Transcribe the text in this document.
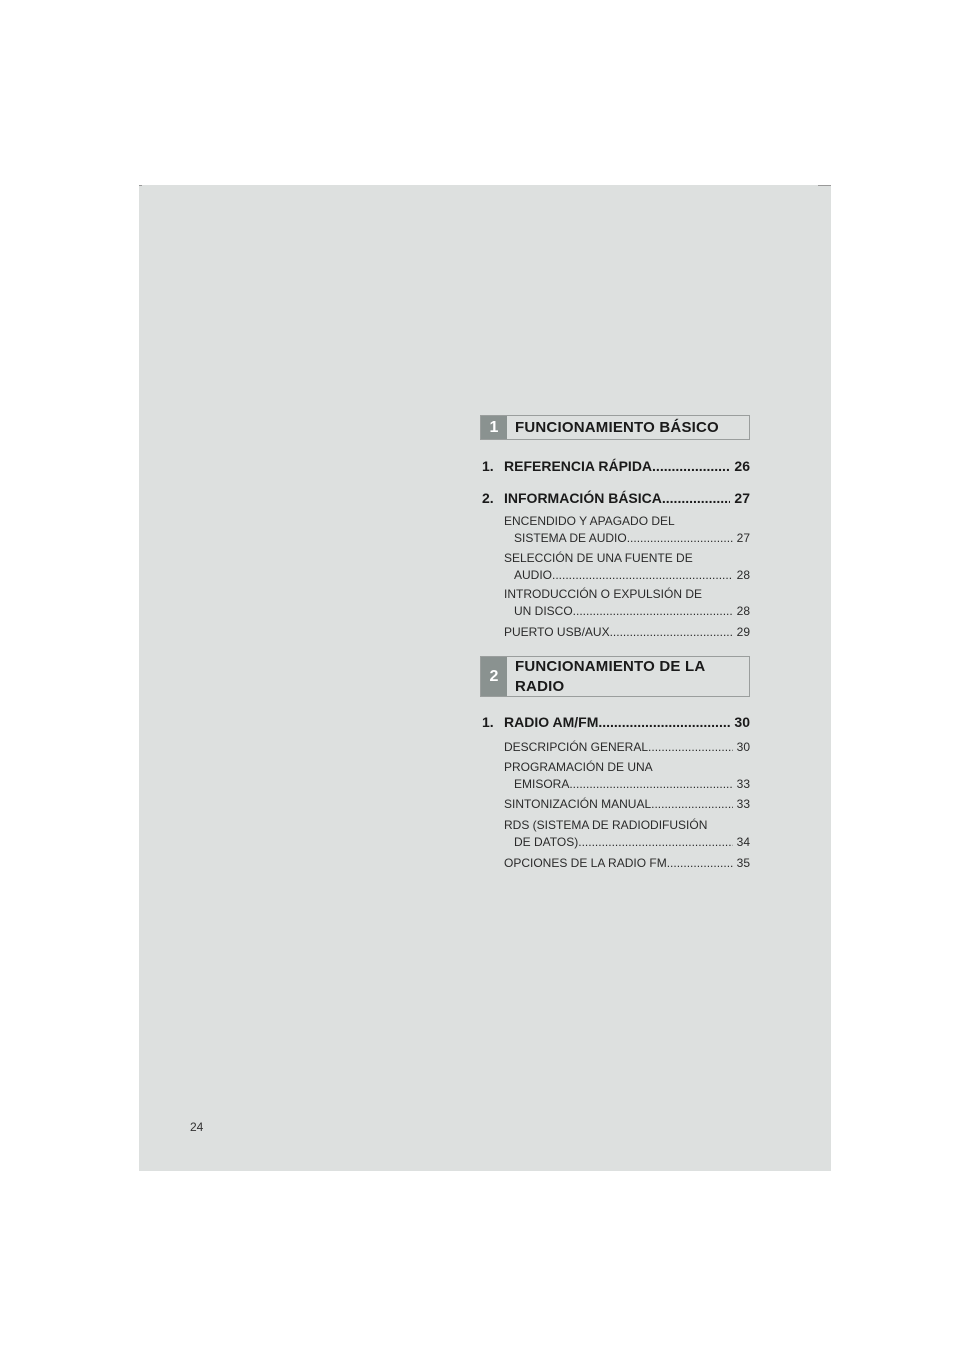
1	FUNCIONAMIENTO BÁSICO
1. REFERENCIA RÁPIDA .....	26
2. INFORMACIÓN BÁSICA .....	27
ENCENDIDO Y APAGADO DEL
SISTEMA DE AUDIO .....	27
SELECCIÓN DE UNA FUENTE DE
AUDIO .....	28
INTRODUCCIÓN O EXPULSIÓN DE
UN DISCO .....	28
PUERTO USB/AUX .....	29
2
FUNCIONAMIENTO DE LA RADIO
1. RADIO AM/FM .....	30
DESCRIPCIÓN GENERAL .....	30
PROGRAMACIÓN DE UNA
EMISORA .....	33
SINTONIZACIÓN MANUAL .....	33
RDS (SISTEMA DE RADIODIFUSIÓN
DE DATOS) .....	34
OPCIONES DE LA RADIO FM .....	35
24
